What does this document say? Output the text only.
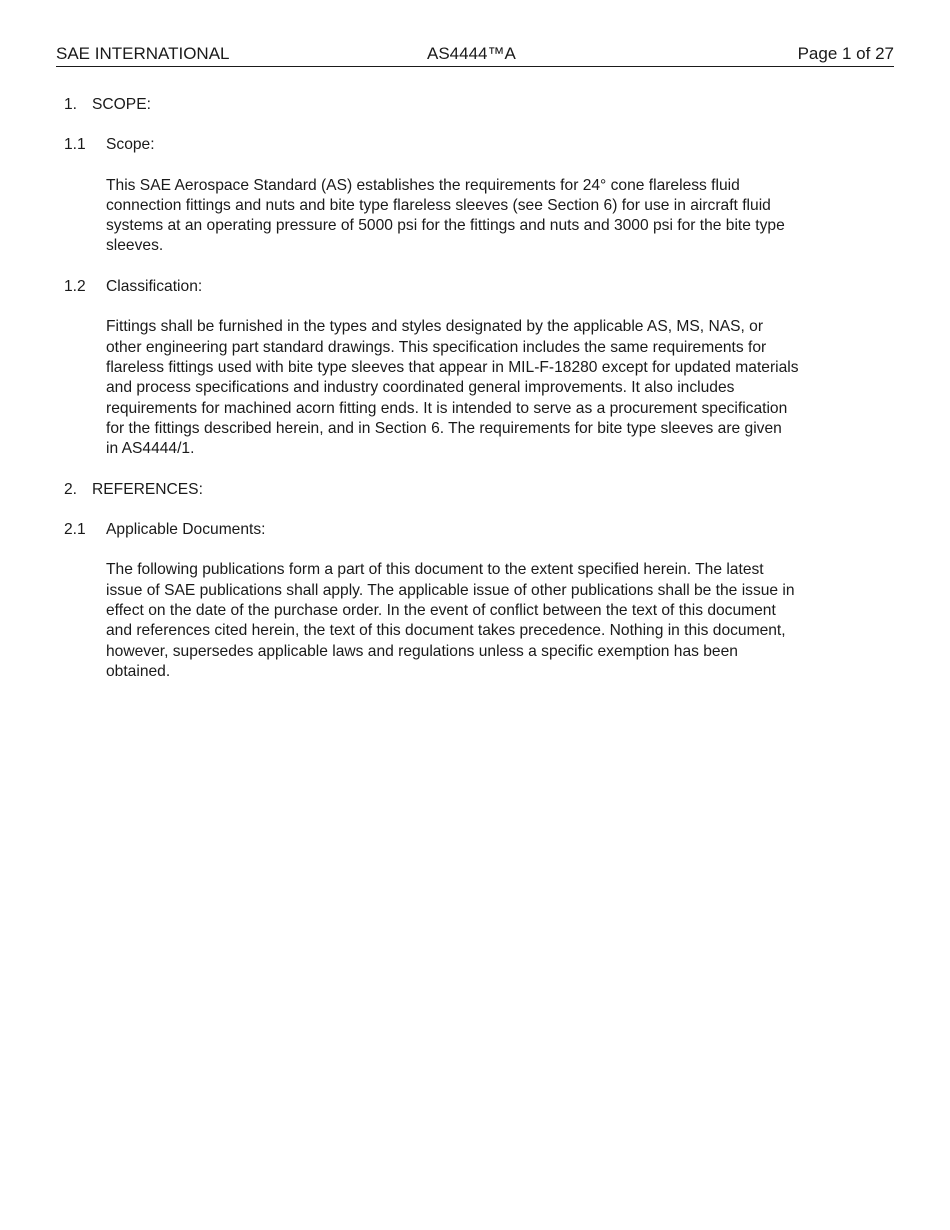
SAE INTERNATIONAL	AS4444™A	Page 1 of 27
1. SCOPE:
1.1 Scope:
This SAE Aerospace Standard (AS) establishes the requirements for 24° cone flareless fluid
connection fittings and nuts and bite type flareless sleeves (see Section 6) for use in aircraft fluid
systems at an operating pressure of 5000 psi for the fittings and nuts and 3000 psi for the bite type
sleeves.
1.2 Classification:
Fittings shall be furnished in the types and styles designated by the applicable AS, MS, NAS, or
other engineering part standard drawings. This specification includes the same requirements for
flareless fittings used with bite type sleeves that appear in MIL-F-18280 except for updated materials
and process specifications and industry coordinated general improvements. It also includes
requirements for machined acorn fitting ends. It is intended to serve as a procurement specification
for the fittings described herein, and in Section 6. The requirements for bite type sleeves are given
in AS4444/1.
2. REFERENCES:
2.1 Applicable Documents:
The following publications form a part of this document to the extent specified herein. The latest
issue of SAE publications shall apply. The applicable issue of other publications shall be the issue in
effect on the date of the purchase order. In the event of conflict between the text of this document
and references cited herein, the text of this document takes precedence. Nothing in this document,
however, supersedes applicable laws and regulations unless a specific exemption has been
obtained.
